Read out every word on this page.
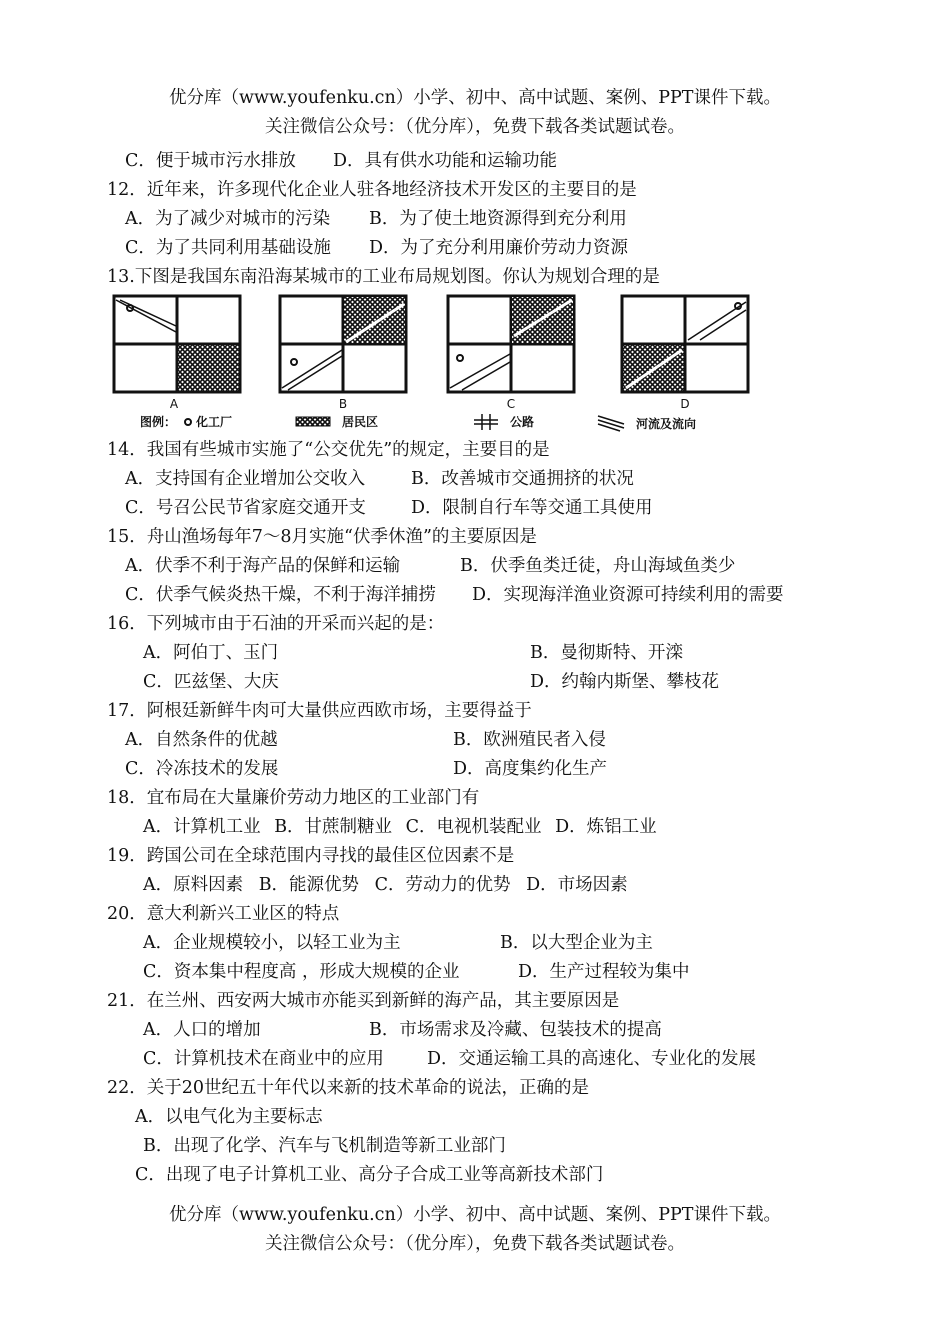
优分库（www.youfenku.cn）小学、初中、高中试题、案例、PPT课件下载。
关注微信公众号：（优分库），免费下载各类试题试卷。
C．便于城市污水排放 D．具有供水功能和运输功能
12．近年来，许多现代化企业人驻各地经济技术开发区的主要目的是
A．为了减少对城市的污染 B．为了使土地资源得到充分利用
C．为了共同利用基础设施 D．为了充分利用廉价劳动力资源
13.下图是我国东南沿海某城市的工业布局规划图。你认为规划合理的是
A	B	C	D
图例： 化工厂	居民区	公路	河流及流向
14．我国有些城市实施了“公交优先”的规定，主要目的是
A．支持国有企业增加公交收入	B．改善城市交通拥挤的状况
C．号召公民节省家庭交通开支	D．限制自行车等交通工具使用
15．舟山渔场每年7～8月实施“伏季休渔”的主要原因是
A．伏季不利于海产品的保鲜和运输	B．伏季鱼类迁徒，舟山海域鱼类少
C．伏季气候炎热干燥，不利于海洋捕捞 D．实现海洋渔业资源可持续利用的需要
16．下列城市由于石油的开采而兴起的是：
A．阿伯丁、玉门	B．曼彻斯特、开滦
C．匹兹堡、大庆	D．约翰内斯堡、攀枝花
17．阿根廷新鲜牛肉可大量供应西欧市场，主要得益于
A．自然条件的优越	B．欧洲殖民者入侵
C．冷冻技术的发展	D．高度集约化生产
18．宜布局在大量廉价劳动力地区的工业部门有
A．计算机工业 B．甘蔗制糖业 C．电视机装配业 D．炼铝工业
19．跨国公司在全球范围内寻找的最佳区位因素不是
A．原料因素 B．能源优势 C．劳动力的优势 D．市场因素
20．意大利新兴工业区的特点
A．企业规模较小，以轻工业为主	B．以大型企业为主
C．资本集中程度高 ，形成大规模的企业	D．生产过程较为集中
21．在兰州、西安两大城市亦能买到新鲜的海产品，其主要原因是
A．人口的增加	B．市场需求及冷藏、包装技术的提高
C．计算机技术在商业中的应用 D．交通运输工具的高速化、专业化的发展
22．关于20世纪五十年代以来新的技术革命的说法，正确的是
A．以电气化为主要标志
B．出现了化学、汽车与飞机制造等新工业部门
C．出现了电子计算机工业、高分子合成工业等高新技术部门
优分库（www.youfenku.cn）小学、初中、高中试题、案例、PPT课件下载。
关注微信公众号：（优分库），免费下载各类试题试卷。
